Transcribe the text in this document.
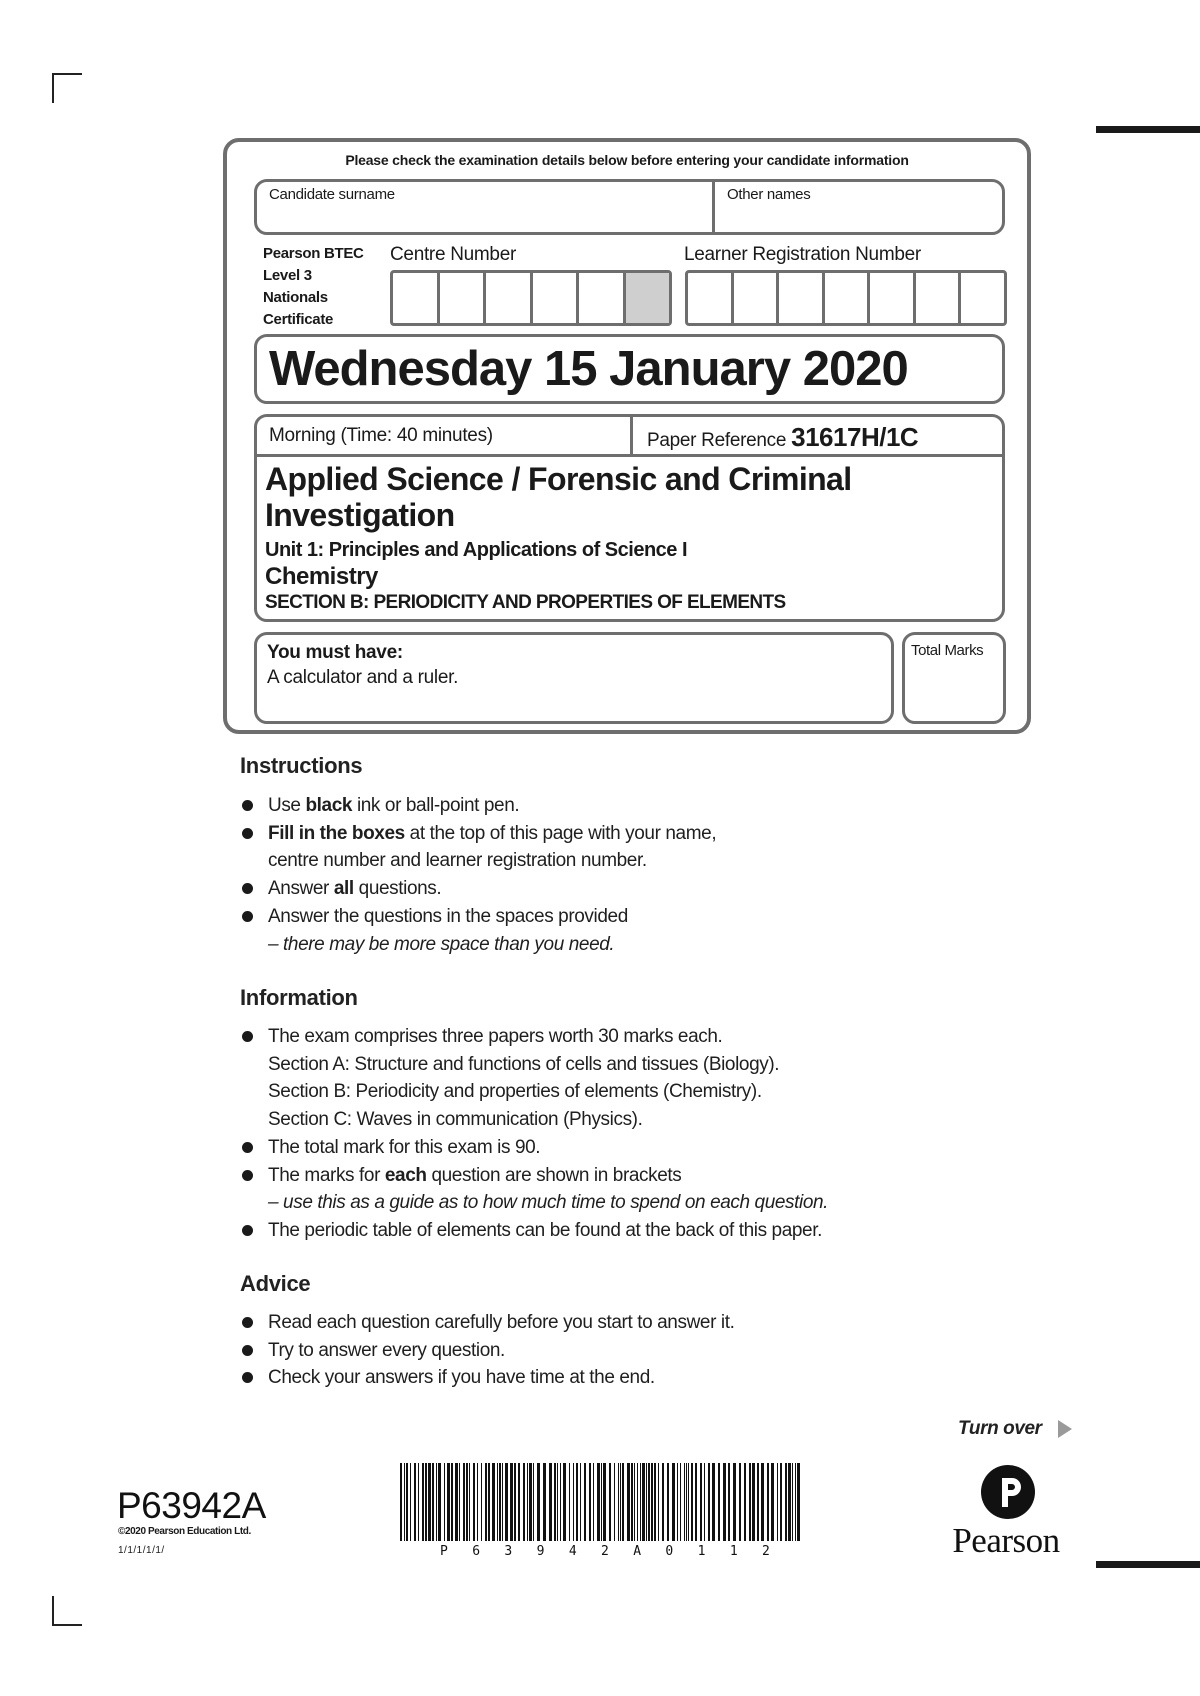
Please check the examination details below before entering your candidate information
Candidate surname	Other names
Pearson BTEC
Level 3
Nationals
Certificate
Centre Number	Learner Registration Number
Wednesday 15 January 2020
Morning (Time: 40 minutes)	Paper Reference 31617H/1C
Applied Science / Forensic and Criminal Investigation
Unit 1: Principles and Applications of Science I
Chemistry
SECTION B: PERIODICITY AND PROPERTIES OF ELEMENTS
You must have:
A calculator and a ruler.
Total Marks
Instructions
Use black ink or ball-point pen.
Fill in the boxes at the top of this page with your name,
centre number and learner registration number.
Answer all questions.
Answer the questions in the spaces provided
– there may be more space than you need.
Information
The exam comprises three papers worth 30 marks each.
Section A: Structure and functions of cells and tissues (Biology).
Section B: Periodicity and properties of elements (Chemistry).
Section C: Waves in communication (Physics).
The total mark for this exam is 90.
The marks for each question are shown in brackets
– use this as a guide as to how much time to spend on each question.
The periodic table of elements can be found at the back of this paper.
Advice
Read each question carefully before you start to answer it.
Try to answer every question.
Check your answers if you have time at the end.
Turn over
P63942A
©2020 Pearson Education Ltd.
1/1/1/1/1/	P 6 3 9 4 2 A 0 1 1 2	Pearson
